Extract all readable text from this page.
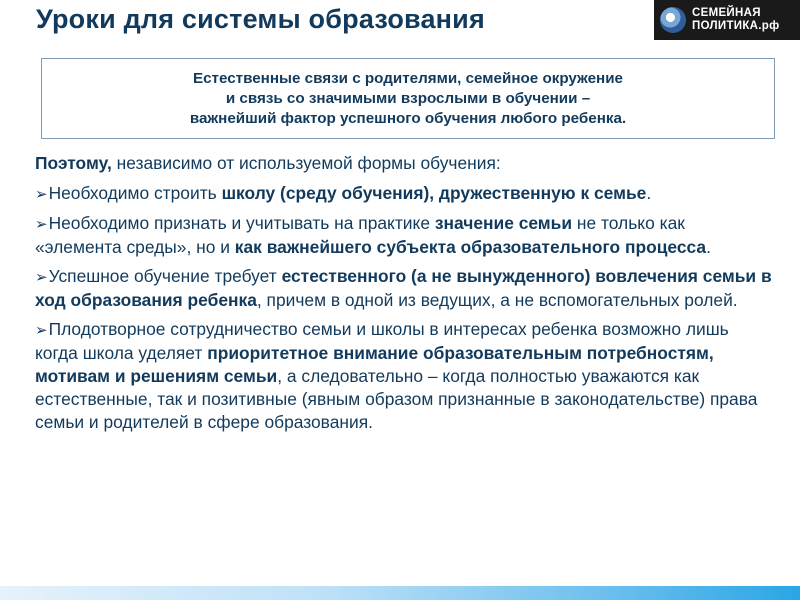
Уроки для системы образования	СЕМЕЙНАЯ
ПОЛИТИКА.рф
Естественные связи с родителями, семейное окружение
и связь со значимыми взрослыми в обучении –
важнейший фактор успешного обучения любого ребенка.
Поэтому, независимо от используемой формы обучения:
➢Необходимо строить школу (среду обучения), дружественную к семье.
➢Необходимо признать и учитывать на практике значение семьи не только как «элемента среды», но и как важнейшего субъекта образовательного процесса.
➢Успешное обучение требует естественного (а не вынужденного) вовлечения семьи в ход образования ребенка, причем в одной из ведущих, а не вспомогательных ролей.
➢Плодотворное сотрудничество семьи и школы в интересах ребенка возможно лишь когда школа уделяет приоритетное внимание образовательным потребностям, мотивам и решениям семьи, а следовательно – когда полностью уважаются как естественные, так и позитивные (явным образом признанные в законодательстве) права семьи и родителей в сфере образования.
